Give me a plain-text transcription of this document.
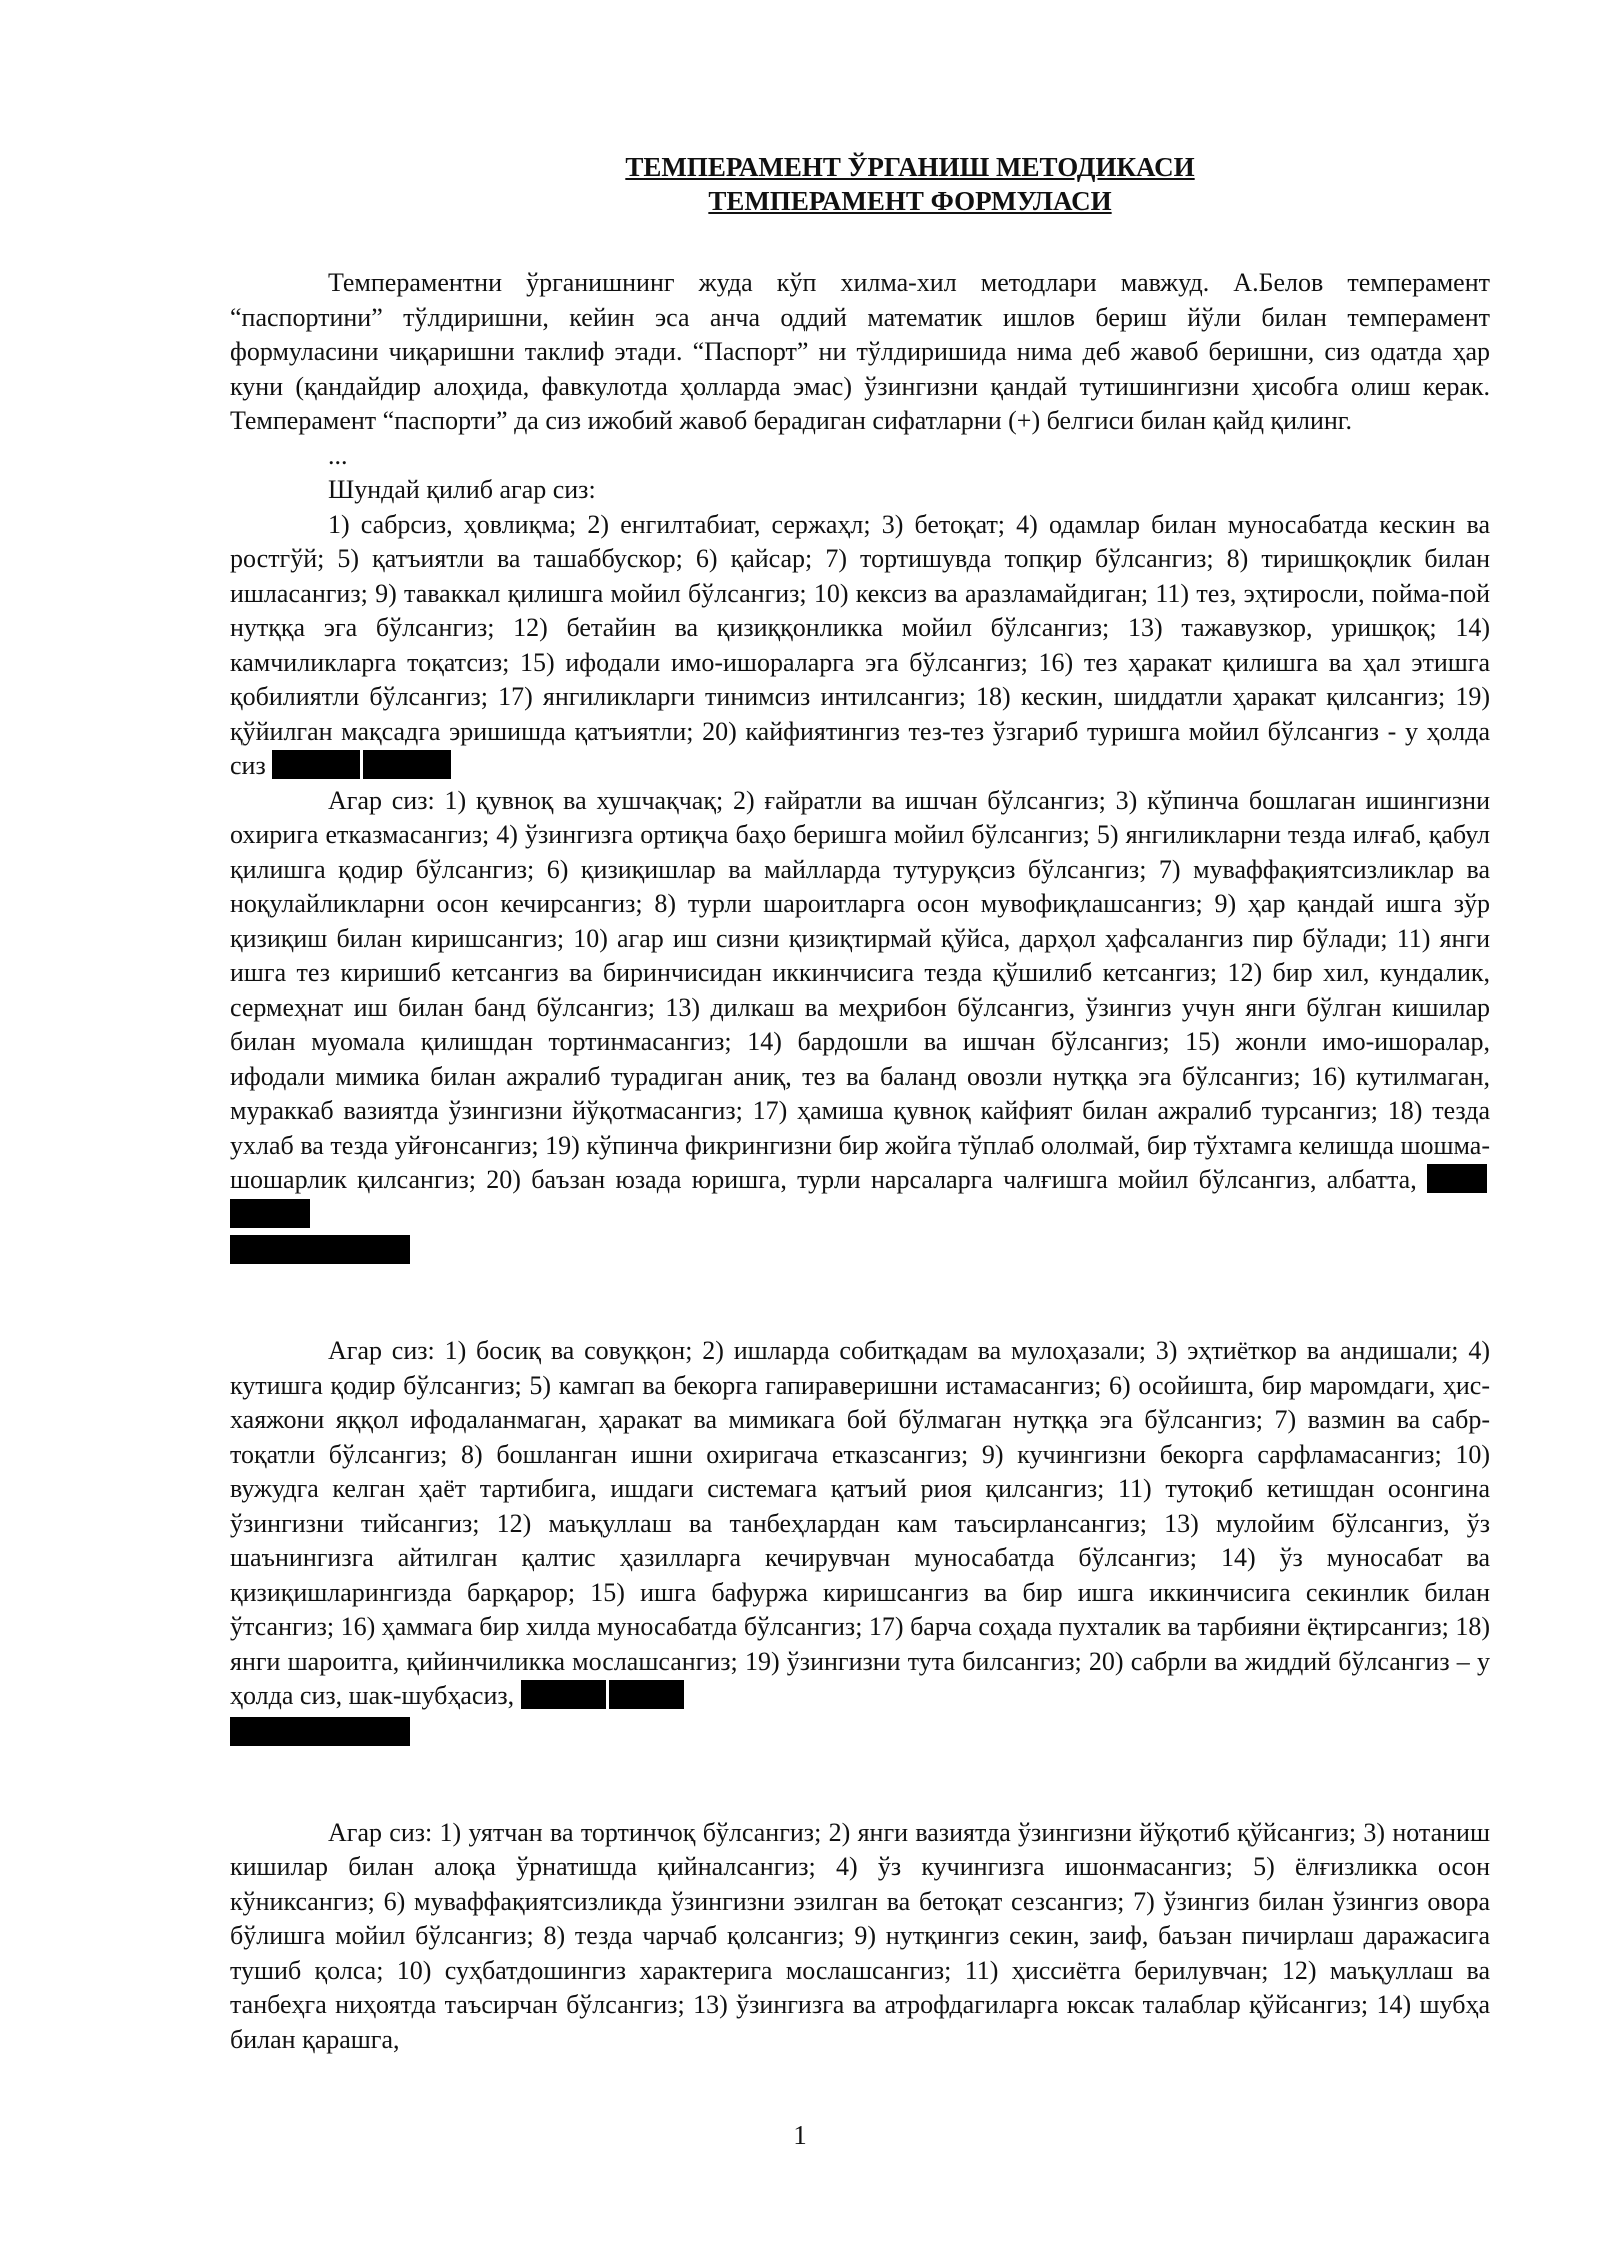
ТЕМПЕРАМЕНТ ЎРГАНИШ МЕТОДИКАСИ
ТЕМПЕРАМЕНТ ФОРМУЛАСИ

Темпераментни ўрганишнинг жуда кўп хилма-хил методлари мавжуд. А.Белов темперамент “паспортини” тўлдиришни, кейин эса анча оддий математик ишлов бериш йўли билан темперамент формуласини чиқаришни таклиф этади. “Паспорт” ни тўлдиришида нима деб жавоб беришни, сиз одатда ҳар куни (қандайдир алоҳида, фавкулотда ҳолларда эмас) ўзингизни қандай тутишингизни ҳисобга олиш керак. Темперамент “паспорти” да сиз ижобий жавоб берадиган сифатларни (+) белгиси билан қайд қилинг.

...

Шундай қилиб агар сиз:

1) сабрсиз, ҳовлиқма; 2) енгилтабиат, сержаҳл; 3) бетоқат; 4) одамлар билан муносабатда кескин ва ростгўй; 5) қатъиятли ва ташаббускор; 6) қайсар; 7) тортишувда топқир бўлсангиз; 8) тиришқоқлик билан ишласангиз; 9) таваккал қилишга мойил бўлсангиз; 10) кексиз ва аразламайдиган; 11) тез, эҳтиросли, пойма-пой нутққа эга бўлсангиз; 12) бетайин ва қизиққонликка мойил бўлсангиз; 13) тажавузкор, уришқоқ; 14) камчиликларга тоқатсиз; 15) ифодали имо-ишораларга эга бўлсангиз; 16) тез ҳаракат қилишга ва ҳал этишга қобилиятли бўлсангиз; 17) янгиликларги тинимсиз интилсангиз; 18) кескин, шиддатли ҳаракат қилсангиз; 19) қўйилган мақсадга эришишда қатъиятли; 20) кайфиятингиз тез-тез ўзгариб туришга мойил бўлсангиз - у ҳолда сиз

Агар сиз: 1) қувноқ ва хушчақчақ; 2) ғайратли ва ишчан бўлсангиз; 3) кўпинча бошлаган ишингизни охирига етказмасангиз; 4) ўзингизга ортиқча баҳо беришга мойил бўлсангиз; 5) янгиликларни тезда илғаб, қабул қилишга қодир бўлсангиз; 6) қизиқишлар ва майлларда тутуруқсиз бўлсангиз; 7) муваффақиятсизликлар ва ноқулайликларни осон кечирсангиз; 8) турли шароитларга осон мувофиқлашсангиз; 9) ҳар қандай ишга зўр қизиқиш билан киришсангиз; 10) агар иш сизни қизиқтирмай қўйса, дарҳол ҳафсалангиз пир бўлади; 11) янги ишга тез киришиб кетсангиз ва биринчисидан иккинчисига тезда қўшилиб кетсангиз; 12) бир хил, кундалик, сермеҳнат иш билан банд бўлсангиз; 13) дилкаш ва меҳрибон бўлсангиз, ўзингиз учун янги бўлган кишилар билан муомала қилишдан тортинмасангиз; 14) бардошли ва ишчан бўлсангиз; 15) жонли имо-ишоралар, ифодали мимика билан ажралиб турадиган аниқ, тез ва баланд овозли нутққа эга бўлсангиз; 16) кутилмаган, мураккаб вазиятда ўзингизни йўқотмасангиз; 17) ҳамиша қувноқ кайфият билан ажралиб турсангиз; 18) тезда ухлаб ва тезда уйғонсангиз; 19) кўпинча фикрингизни бир жойга тўплаб ололмай, бир тўхтамга келишда шошма-шошарлик қилсангиз; 20) баъзан юзада юришга, турли нарсаларга чалғишга мойил бўлсангиз, албатта,

Агар сиз: 1) босиқ ва совуққон; 2) ишларда собитқадам ва мулоҳазали; 3) эҳтиёткор ва андишали; 4) кутишга қодир бўлсангиз; 5) камгап ва бекорга гапираверишни истамасангиз; 6) осойишта, бир маромдаги, ҳис-хаяжони яққол ифодаланмаган, ҳаракат ва мимикага бой бўлмаган нутққа эга бўлсангиз; 7) вазмин ва сабр-тоқатли бўлсангиз; 8) бошланган ишни охиригача етказсангиз; 9) кучингизни бекорга сарфламасангиз; 10) вужудга келган ҳаёт тартибига, ишдаги системага қатъий риоя қилсангиз; 11) тутоқиб кетишдан осонгина ўзингизни тийсангиз; 12) маъқуллаш ва танбеҳлардан кам таъсирлансангиз; 13) мулойим бўлсангиз, ўз шаънингизга айтилган қалтис ҳазилларга кечирувчан муносабатда бўлсангиз; 14) ўз муносабат ва қизиқишларингизда барқарор; 15) ишга бафуржа киришсангиз ва бир ишга иккинчисига секинлик билан ўтсангиз; 16) ҳаммага бир хилда муносабатда бўлсангиз; 17) барча соҳада пухталик ва тарбияни ёқтирсангиз; 18) янги шароитга, қийинчиликка мослашсангиз; 19) ўзингизни тута билсангиз; 20) сабрли ва жиддий бўлсангиз – у ҳолда сиз, шак-шубҳасиз,

Агар сиз: 1) уятчан ва тортинчоқ бўлсангиз; 2) янги вазиятда ўзингизни йўқотиб қўйсангиз; 3) нотаниш кишилар билан алоқа ўрнатишда қийналсангиз; 4) ўз кучингизга ишонмасангиз; 5) ёлғизликка осон кўниксангиз; 6) муваффақиятсизликда ўзингизни эзилган ва бетоқат сезсангиз; 7) ўзингиз билан ўзингиз овора бўлишга мойил бўлсангиз; 8) тезда чарчаб қолсангиз; 9) нутқингиз секин, заиф, баъзан пичирлаш даражасига тушиб қолса; 10) суҳбатдошингиз характерига мослашсангиз; 11) ҳиссиётга берилувчан; 12) маъқуллаш ва танбеҳга ниҳоятда таъсирчан бўлсангиз; 13) ўзингизга ва атрофдагиларга юксак талаблар қўйсангиз; 14) шубҳа билан қарашга,

1
